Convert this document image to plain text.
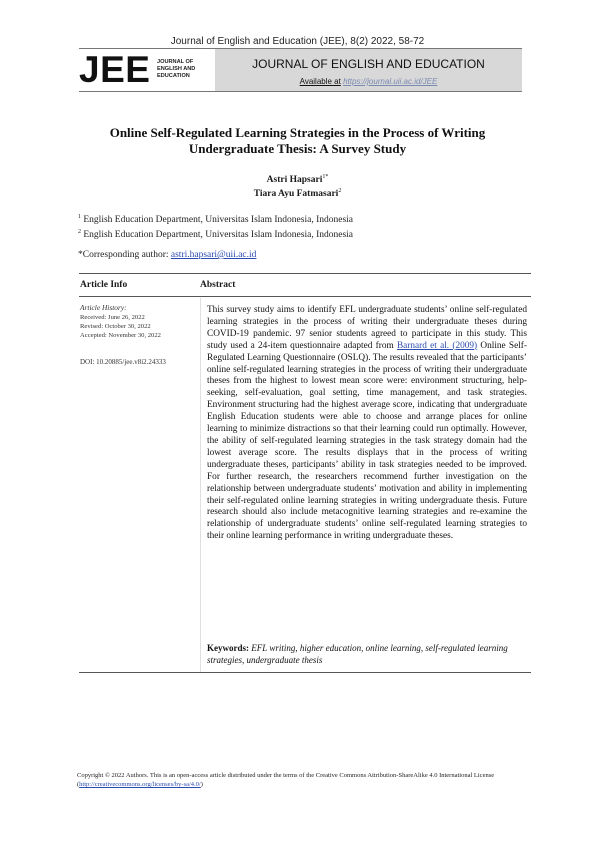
Journal of English and Education (JEE), 8(2) 2022, 58-72
JEE JOURNAL OF
ENGLISH AND
EDUCATION
JOURNAL OF ENGLISH AND EDUCATION
Available at https://journal.uii.ac.id/JEE
Online Self-Regulated Learning Strategies in the Process of Writing
Undergraduate Thesis: A Survey Study
Astri Hapsari$^{1*}$
Tiara Ayu Fatmasari$^2$
$^1$ English Education Department, Universitas Islam Indonesia, Indonesia
$^2$ English Education Department, Universitas Islam Indonesia, Indonesia
*Corresponding author: astri.hapsari@uii.ac.id
Article Info	Abstract
Article History:
Received: June 26, 2022
Revised: October 30, 2022
Accepted: November 30, 2022
DOI: 10.20885/jee.v8i2.24333
This survey study aims to identify EFL undergraduate students’ online self-regulated learning strategies in the process of writing their undergraduate theses during COVID-19 pandemic. 97 senior students agreed to participate in this study. This study used a 24-item questionnaire adapted from Barnard et al. (2009) Online Self-Regulated Learning Questionnaire (OSLQ). The results revealed that the participants’ online self-regulated learning strategies in the process of writing their undergraduate theses from the highest to lowest mean score were: environment structuring, help-seeking, self-evaluation, goal setting, time management, and task strategies. Environment structuring had the highest average score, indicating that undergraduate English Education students were able to choose and arrange places for online learning to minimize distractions so that their learning could run optimally. However, the ability of self-regulated learning strategies in the task strategy domain had the lowest average score. The results displays that in the process of writing undergraduate theses, participants’ ability in task strategies needed to be improved. For further research, the researchers recommend further investigation on the relationship between undergraduate students’ motivation and ability in implementing their self-regulated online learning strategies in writing undergraduate thesis. Future research should also include metacognitive learning strategies and re-examine the relationship of undergraduate students’ online self-regulated learning strategies to their online learning performance in writing undergraduate theses.
Keywords: EFL writing, higher education, online learning, self-regulated learning strategies, undergraduate thesis
Copyright © 2022 Authors. This is an open-access article distributed under the terms of the Creative Commons Attribution-ShareAlike 4.0 International License (http://creativecommons.org/licenses/by-sa/4.0/)
